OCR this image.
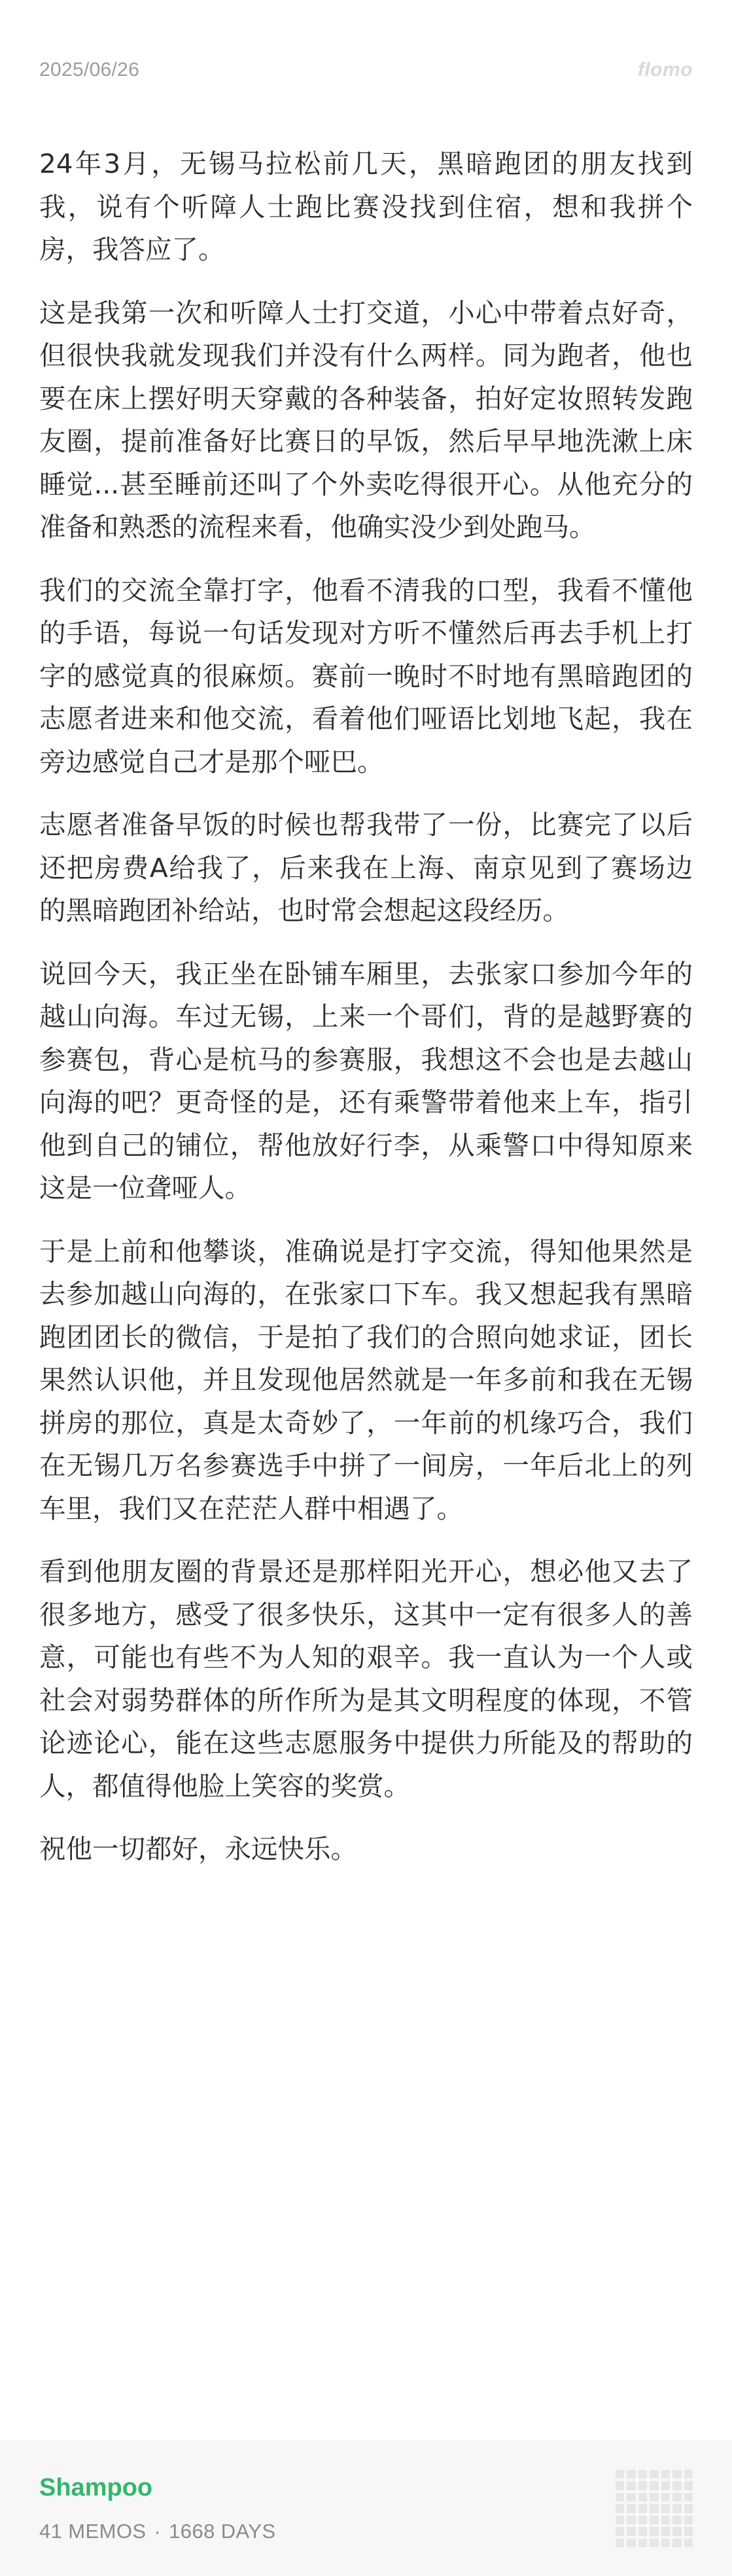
2025/06/26	flomo

24年3月，无锡马拉松前几天，黑暗跑团的朋友找到我，说有个听障人士跑比赛没找到住宿，想和我拼个房，我答应了。

这是我第一次和听障人士打交道，小心中带着点好奇，但很快我就发现我们并没有什么两样。同为跑者，他也要在床上摆好明天穿戴的各种装备，拍好定妆照转发跑友圈，提前准备好比赛日的早饭，然后早早地洗漱上床睡觉...甚至睡前还叫了个外卖吃得很开心。从他充分的准备和熟悉的流程来看，他确实没少到处跑马。

我们的交流全靠打字，他看不清我的口型，我看不懂他的手语，每说一句话发现对方听不懂然后再去手机上打字的感觉真的很麻烦。赛前一晚时不时地有黑暗跑团的志愿者进来和他交流，看着他们哑语比划地飞起，我在旁边感觉自己才是那个哑巴。

志愿者准备早饭的时候也帮我带了一份，比赛完了以后还把房费A给我了，后来我在上海、南京见到了赛场边的黑暗跑团补给站，也时常会想起这段经历。

说回今天，我正坐在卧铺车厢里，去张家口参加今年的越山向海。车过无锡，上来一个哥们，背的是越野赛的参赛包，背心是杭马的参赛服，我想这不会也是去越山向海的吧？更奇怪的是，还有乘警带着他来上车，指引他到自己的铺位，帮他放好行李，从乘警口中得知原来这是一位聋哑人。

于是上前和他攀谈，准确说是打字交流，得知他果然是去参加越山向海的，在张家口下车。我又想起我有黑暗跑团团长的微信，于是拍了我们的合照向她求证，团长果然认识他，并且发现他居然就是一年多前和我在无锡拼房的那位，真是太奇妙了，一年前的机缘巧合，我们在无锡几万名参赛选手中拼了一间房，一年后北上的列车里，我们又在茫茫人群中相遇了。

看到他朋友圈的背景还是那样阳光开心，想必他又去了很多地方，感受了很多快乐，这其中一定有很多人的善意，可能也有些不为人知的艰辛。我一直认为一个人或社会对弱势群体的所作所为是其文明程度的体现，不管论迹论心，能在这些志愿服务中提供力所能及的帮助的人，都值得他脸上笑容的奖赏。

祝他一切都好，永远快乐。

Shampoo
41 MEMOS · 1668 DAYS
